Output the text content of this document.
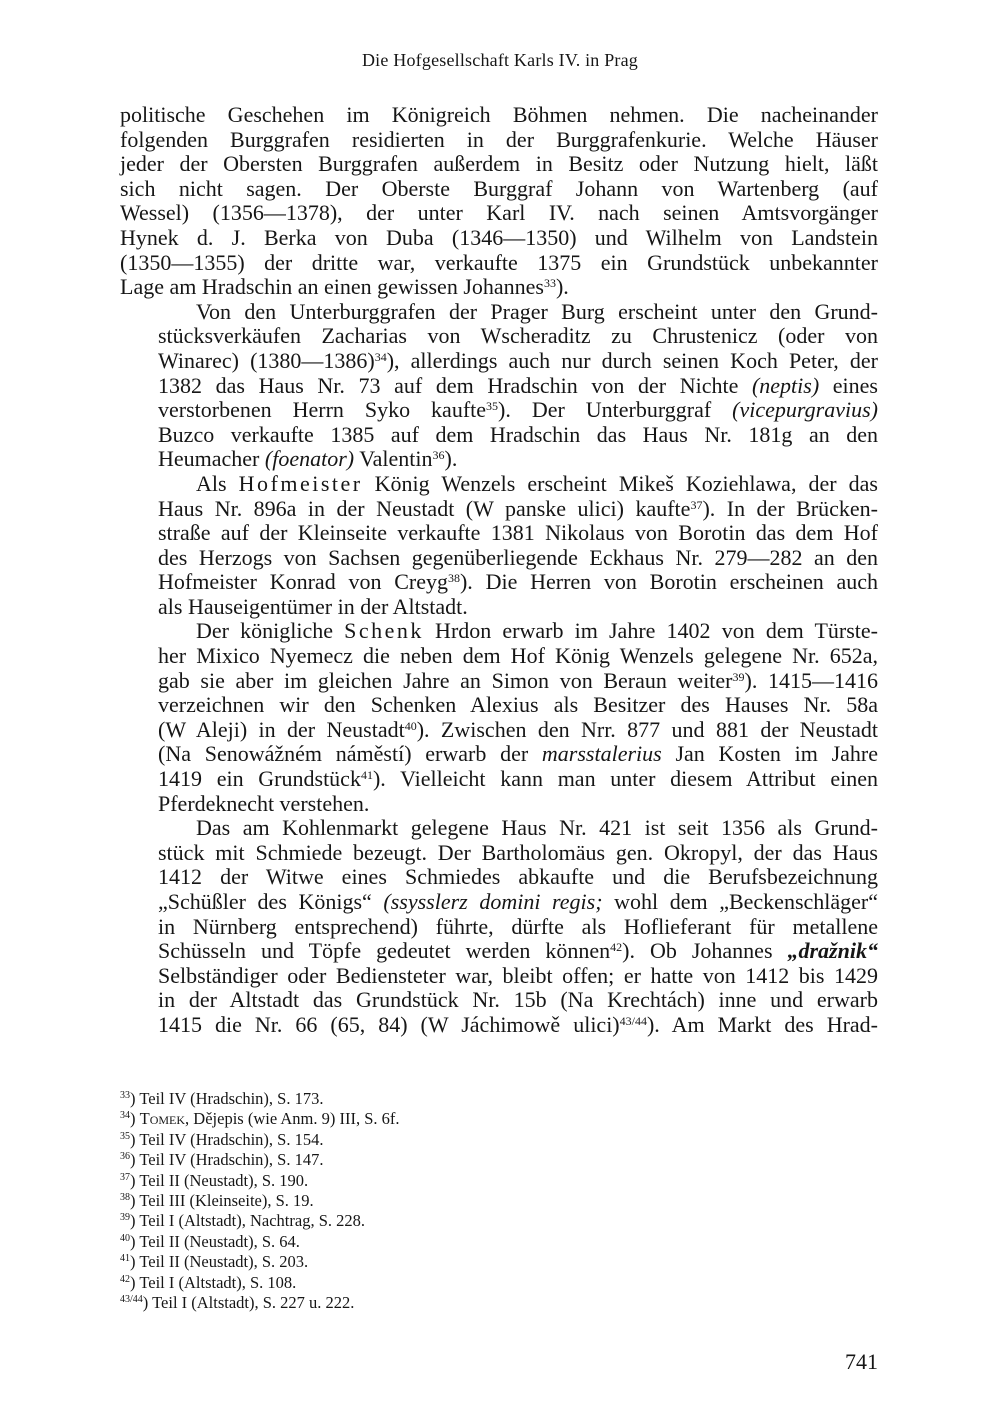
Die Hofgesellschaft Karls IV. in Prag

politische Geschehen im Königreich Böhmen nehmen. Die nacheinander
folgenden Burggrafen residierten in der Burggrafenkurie. Welche Häuser
jeder der Obersten Burggrafen außerdem in Besitz oder Nutzung hielt, läßt
sich nicht sagen. Der Oberste Burggraf Johann von Wartenberg (auf
Wessel) (1356—1378), der unter Karl IV. nach seinen Amtsvorgänger
Hynek d. J. Berka von Duba (1346—1350) und Wilhelm von Landstein
(1350—1355) der dritte war, verkaufte 1375 ein Grundstück unbekannter
Lage am Hradschin an einen gewissen Johannes$^{33}$).

Von den Unterburggrafen der Prager Burg erscheint unter den Grund-
stücksverkäufen Zacharias von Wscheraditz zu Chrustenicz (oder von
Winarec) (1380—1386)$^{34}$), allerdings auch nur durch seinen Koch Peter, der
1382 das Haus Nr. 73 auf dem Hradschin von der Nichte (neptis) eines
verstorbenen Herrn Syko kaufte$^{35}$). Der Unterburggraf (vicepurgravius)
Buzco verkaufte 1385 auf dem Hradschin das Haus Nr. 181g an den
Heumacher (foenator) Valentin$^{36}$).

Als Hofmeister König Wenzels erscheint Mikeš Koziehlawa, der das
Haus Nr. 896a in der Neustadt (W panske ulici) kaufte$^{37}$). In der Brücken-
straße auf der Kleinseite verkaufte 1381 Nikolaus von Borotin das dem Hof
des Herzogs von Sachsen gegenüberliegende Eckhaus Nr. 279—282 an den
Hofmeister Konrad von Creyg$^{38}$). Die Herren von Borotin erscheinen auch
als Hauseigentümer in der Altstadt.

Der königliche Schenk Hrdon erwarb im Jahre 1402 von dem Türste-
her Mixico Nyemecz die neben dem Hof König Wenzels gelegene Nr. 652a,
gab sie aber im gleichen Jahre an Simon von Beraun weiter$^{39}$). 1415—1416
verzeichnen wir den Schenken Alexius als Besitzer des Hauses Nr. 58a
(W Aleji) in der Neustadt$^{40}$). Zwischen den Nrr. 877 und 881 der Neustadt
(Na Senowážném náměstí) erwarb der marsstalerius Jan Kosten im Jahre
1419 ein Grundstück$^{41}$). Vielleicht kann man unter diesem Attribut einen
Pferdeknecht verstehen.

Das am Kohlenmarkt gelegene Haus Nr. 421 ist seit 1356 als Grund-
stück mit Schmiede bezeugt. Der Bartholomäus gen. Okropyl, der das Haus
1412 der Witwe eines Schmiedes abkaufte und die Berufsbezeichnung
„Schüßler des Königs“ (ssysslerz domini regis; wohl dem „Beckenschläger“
in Nürnberg entsprechend) führte, dürfte als Hoflieferant für metallene
Schüsseln und Töpfe gedeutet werden können$^{42}$). Ob Johannes „dražnik“
Selbständiger oder Bediensteter war, bleibt offen; er hatte von 1412 bis 1429
in der Altstadt das Grundstück Nr. 15b (Na Krechtách) inne und erwarb
1415 die Nr. 66 (65, 84) (W Jáchimowě ulici)$^{43/44}$). Am Markt des Hrad-

$^{33}$) Teil IV (Hradschin), S. 173.
$^{34}$) Tomek, Dějepis (wie Anm. 9) III, S. 6f.
$^{35}$) Teil IV (Hradschin), S. 154.
$^{36}$) Teil IV (Hradschin), S. 147.
$^{37}$) Teil II (Neustadt), S. 190.
$^{38}$) Teil III (Kleinseite), S. 19.
$^{39}$) Teil I (Altstadt), Nachtrag, S. 228.
$^{40}$) Teil II (Neustadt), S. 64.
$^{41}$) Teil II (Neustadt), S. 203.
$^{42}$) Teil I (Altstadt), S. 108.
$^{43/44}$) Teil I (Altstadt), S. 227 u. 222.
741
